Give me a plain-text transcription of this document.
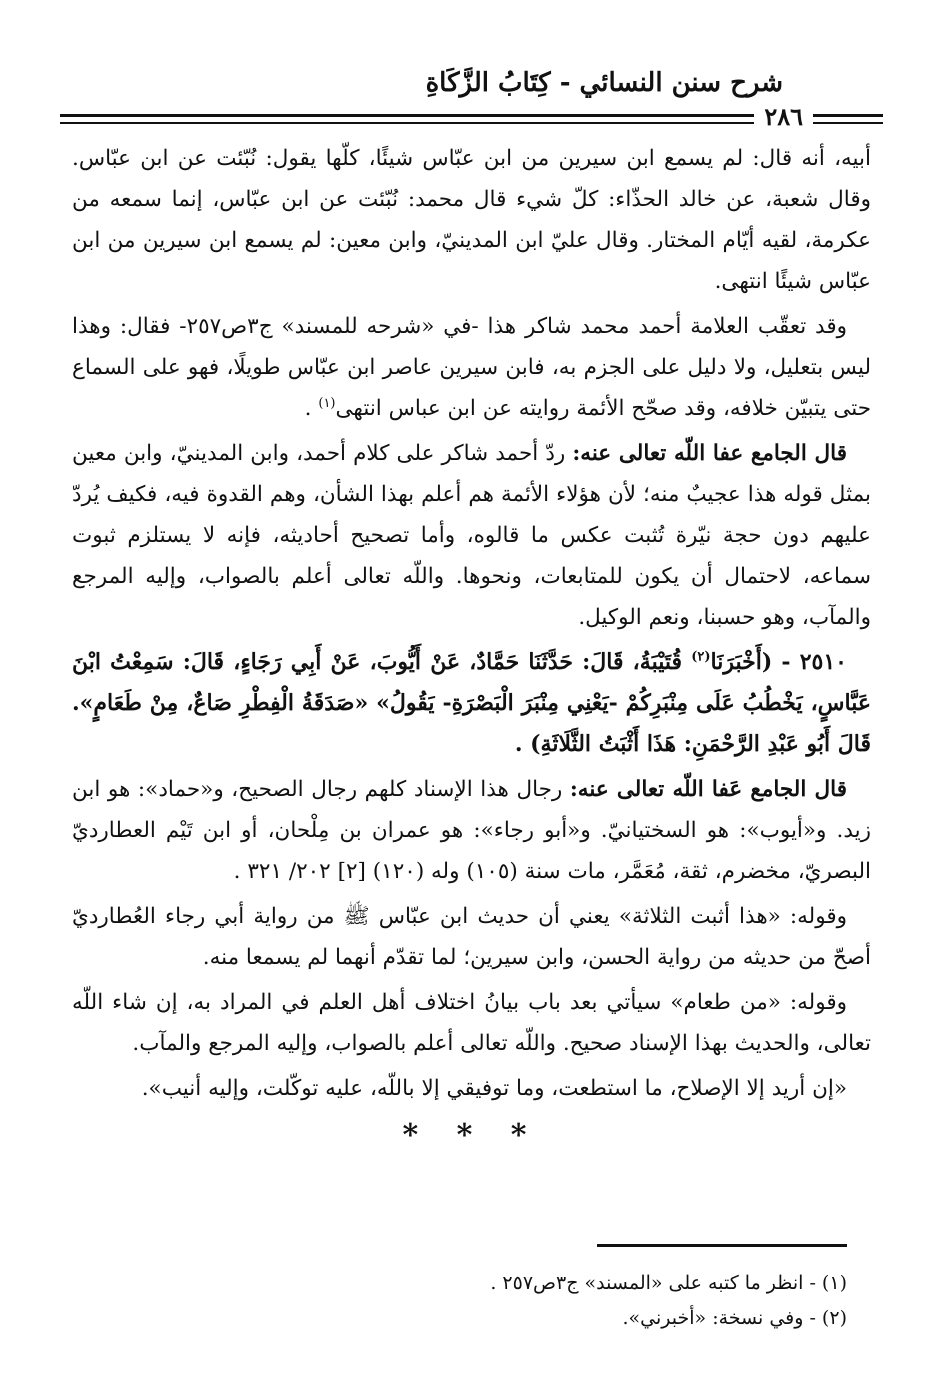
شرح سنن النسائي - كِتَابُ الزَّكَاةِ
٢٨٦

أبيه، أنه قال: لم يسمع ابن سيرين من ابن عبّاس شيئًا، كلّها يقول: نُبّئت عن ابن عبّاس. وقال شعبة، عن خالد الحذّاء: كلّ شيء قال محمد: نُبّئت عن ابن عبّاس، إنما سمعه من عكرمة، لقيه أيّام المختار. وقال عليّ ابن المدينيّ، وابن معين: لم يسمع ابن سيرين من ابن عبّاس شيئًا انتهى.

وقد تعقّب العلامة أحمد محمد شاكر هذا -في «شرحه للمسند» ج٣ص٢٥٧- فقال: وهذا ليس بتعليل، ولا دليل على الجزم به، فابن سيرين عاصر ابن عبّاس طويلًا، فهو على السماع حتى يتبيّن خلافه، وقد صحّح الأئمة روايته عن ابن عباس انتهى$^{(١)}$ .

قال الجامع عفا اللّه تعالى عنه: ردّ أحمد شاكر على كلام أحمد، وابن المدينيّ، وابن معين بمثل قوله هذا عجيبٌ منه؛ لأن هؤلاء الأئمة هم أعلم بهذا الشأن، وهم القدوة فيه، فكيف يُردّ عليهم دون حجة نيّرة تُثبت عكس ما قالوه، وأما تصحيح أحاديثه، فإنه لا يستلزم ثبوت سماعه، لاحتمال أن يكون للمتابعات، ونحوها. واللّه تعالى أعلم بالصواب، وإليه المرجع والمآب، وهو حسبنا، ونعم الوكيل.

٢٥١٠ - (أَخْبَرَنَا$^{(٢)}$ قُتَيْبَةُ، قَالَ: حَدَّثَنَا حَمَّادٌ، عَنْ أَيُّوبَ، عَنْ أَبِي رَجَاءٍ، قَالَ: سَمِعْتُ ابْنَ عَبَّاسٍ، يَخْطُبُ عَلَى مِنْبَرِكُمْ -يَعْنِي مِنْبَرَ الْبَصْرَةِ- يَقُولُ» «صَدَقَةُ الْفِطْرِ صَاعٌ، مِنْ طَعَامٍ». قَالَ أَبُو عَبْدِ الرَّحْمَنِ: هَذَا أَثْبَتُ الثَّلَاثَةِ) .

قال الجامع عَفا اللّه تعالى عنه: رجال هذا الإسناد كلهم رجال الصحيح، و«حماد»: هو ابن زيد. و«أيوب»: هو السختيانيّ. و«أبو رجاء»: هو عمران بن مِلْحان، أو ابن تَيْم العطارديّ البصريّ، مخضرم، ثقة، مُعَمَّر، مات سنة (١٠٥) وله (١٢٠) [٢] ٢٠٢/ ٣٢١ .

وقوله: «هذا أثبت الثلاثة» يعني أن حديث ابن عبّاس ﷺ من رواية أبي رجاء العُطارديّ أصحّ من حديثه من رواية الحسن، وابن سيرين؛ لما تقدّم أنهما لم يسمعا منه.

وقوله: «من طعام» سيأتي بعد باب بيانُ اختلاف أهل العلم في المراد به، إن شاء اللّه تعالى، والحديث بهذا الإسناد صحيح. واللّه تعالى أعلم بالصواب، وإليه المرجع والمآب.

«إن أريد إلا الإصلاح، ما استطعت، وما توفيقي إلا باللّه، عليه توكّلت، وإليه أنيب».

* * *

(١) - انظر ما كتبه على «المسند» ج٣ص٢٥٧ .

(٢) - وفي نسخة: «أخبرني».
